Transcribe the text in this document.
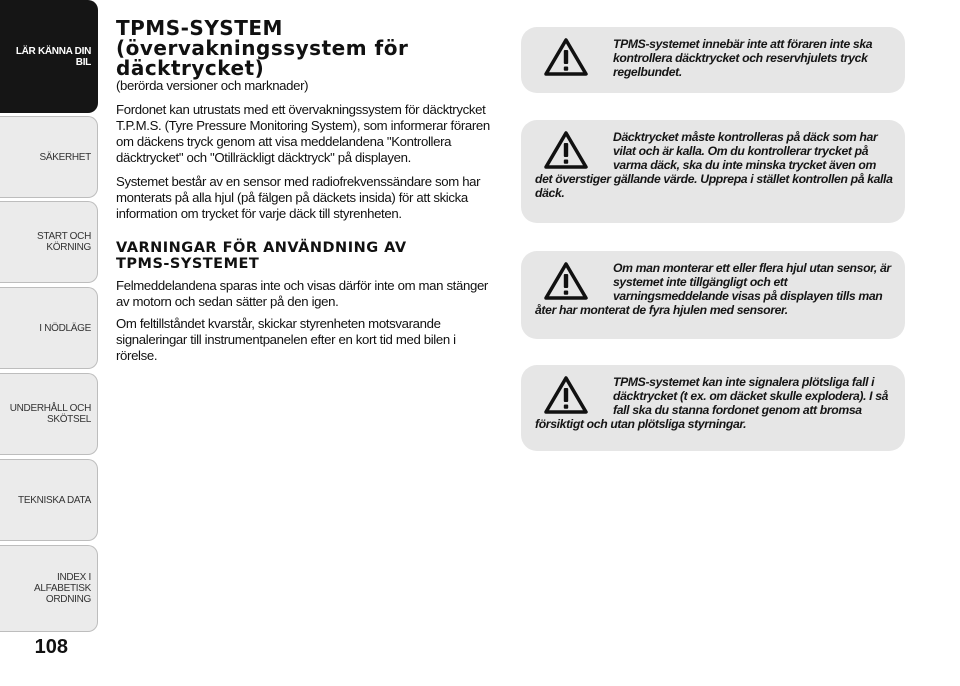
LÄR KÄNNA DIN
BIL
SÄKERHET
START OCH
KÖRNING
I NÖDLÄGE
UNDERHÅLL OCH
SKÖTSEL
TEKNISKA DATA
INDEX I ALFABETISK
ORDNING
108
TPMS-SYSTEM
(övervakningssystem för
däcktrycket)

(berörda versioner och marknader)

Fordonet kan utrustats med ett övervakningssystem för däcktrycket T.P.M.S. (Tyre Pressure Monitoring System), som informerar föraren om däckens tryck genom att visa meddelandena "Kontrollera däcktrycket" och "Otillräckligt däcktryck" på displayen.

Systemet består av en sensor med radiofrekvenssändare som har monterats på alla hjul (på fälgen på däckets insida) för att skicka information om trycket för varje däck till styrenheten.

VARNINGAR FÖR ANVÄNDNING AV
TPMS-SYSTEMET

Felmeddelandena sparas inte och visas därför inte om man stänger av motorn och sedan sätter på den igen.

Om feltillståndet kvarstår, skickar styrenheten motsvarande signaleringar till instrumentpanelen efter en kort tid med bilen i rörelse.

TPMS-systemet innebär inte att föraren inte ska kontrollera däcktrycket och reservhjulets tryck regelbundet.

Däcktrycket måste kontrolleras på däck som har vilat och är kalla. Om du kontrollerar trycket på varma däck, ska du inte minska trycket även om det överstiger gällande värde. Upprepa i stället kontrollen på kalla däck.

Om man monterar ett eller flera hjul utan sensor, är systemet inte tillgängligt och ett varningsmeddelande visas på displayen tills man åter har monterat de fyra hjulen med sensorer.

TPMS-systemet kan inte signalera plötsliga fall i däcktrycket (t ex. om däcket skulle explodera). I så fall ska du stanna fordonet genom att bromsa försiktigt och utan plötsliga styrningar.
